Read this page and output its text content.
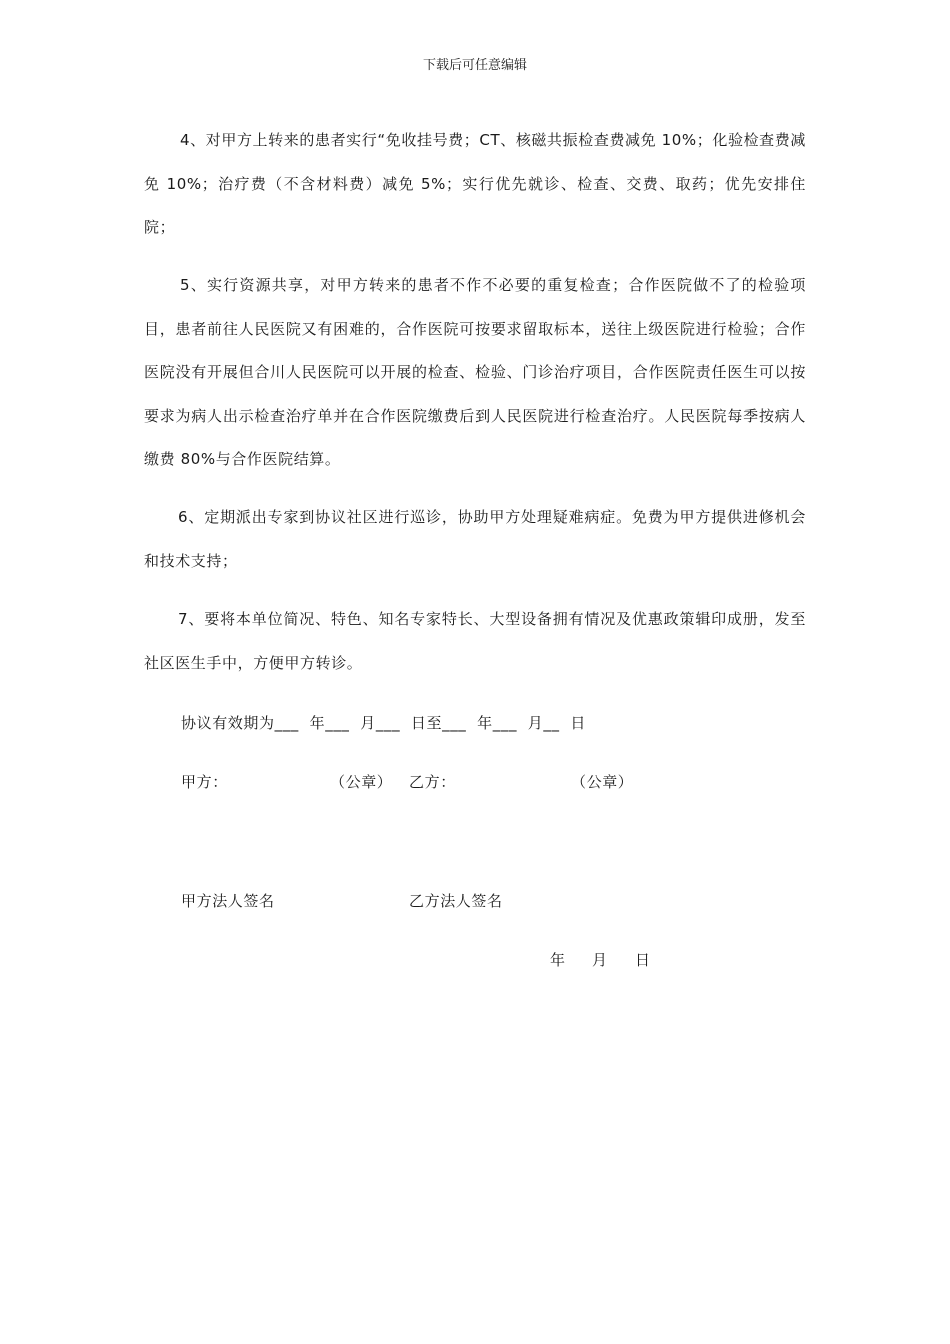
下载后可任意编辑
4、对甲方上转来的患者实行“免收挂号费；CT、核磁共振检查费减免 10%；化验检查费减免 10%；治疗费（不含材料费）减免 5%；实行优先就诊、检查、交费、取药；优先安排住院；
5、实行资源共享，对甲方转来的患者不作不必要的重复检查；合作医院做不了的检验项目，患者前往人民医院又有困难的，合作医院可按要求留取标本，送往上级医院进行检验；合作医院没有开展但合川人民医院可以开展的检查、检验、门诊治疗项目，合作医院责任医生可以按要求为病人出示检查治疗单并在合作医院缴费后到人民医院进行检查治疗。人民医院每季按病人缴费 80%与合作医院结算。
6、定期派出专家到协议社区进行巡诊，协助甲方处理疑难病症。免费为甲方提供进修机会和技术支持；
7、要将本单位简况、特色、知名专家特长、大型设备拥有情况及优惠政策辑印成册，发至社区医生手中，方便甲方转诊。
协议有效期为___  年___  月___  日至___  年___  月__  日
甲方：	（公章） 乙方：	（公章）
甲方法人签名	乙方法人签名
年 月 日
